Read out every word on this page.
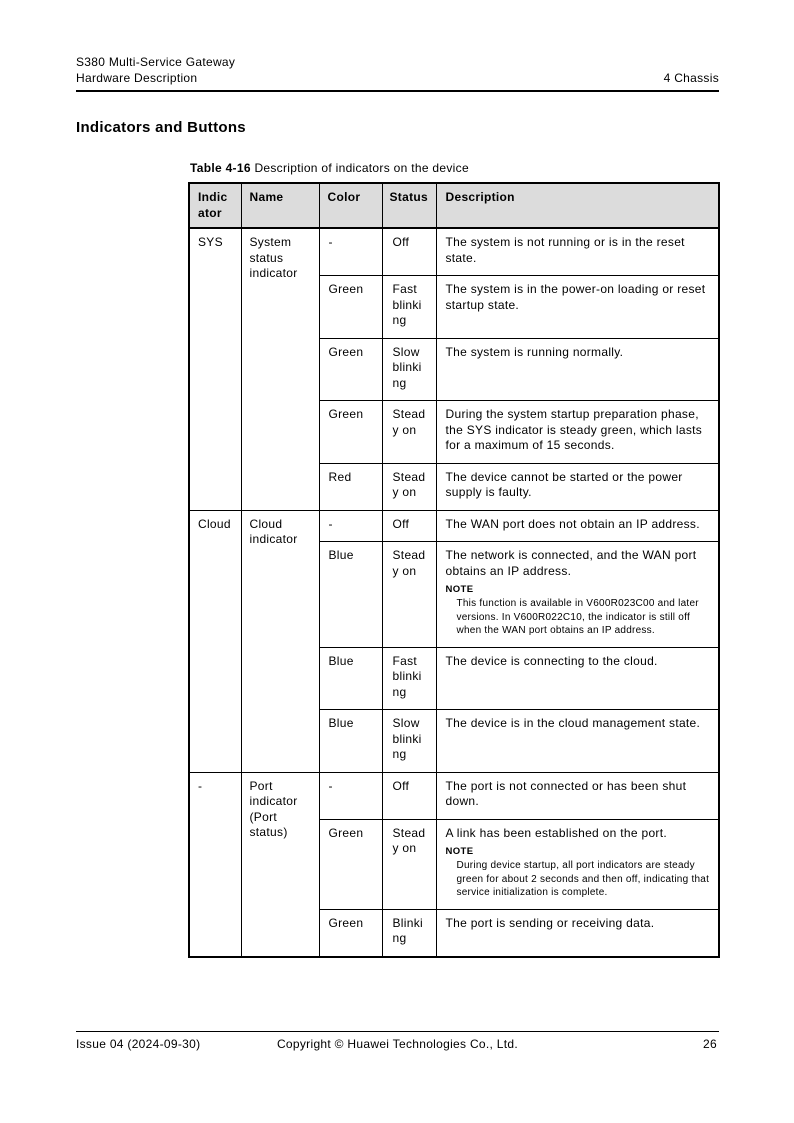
S380 Multi-Service Gateway
Hardware Description	4 Chassis
Indicators and Buttons
Table 4-16 Description of indicators on the device
Indicator	Name	Color	Status	Description
SYS	System status indicator	-	Off	The system is not running or is in the reset state.
		Green	Fast blinking	The system is in the power-on loading or reset startup state.
		Green	Slow blinking	The system is running normally.
		Green	Steady on	During the system startup preparation phase, the SYS indicator is steady green, which lasts for a maximum of 15 seconds.
		Red	Steady on	The device cannot be started or the power supply is faulty.
Cloud	Cloud indicator	-	Off	The WAN port does not obtain an IP address.
		Blue	Steady on	The network is connected, and the WAN port obtains an IP address.
NOTE
This function is available in V600R023C00 and later versions. In V600R022C10, the indicator is still off when the WAN port obtains an IP address.

		Blue	Fast blinking	The device is connecting to the cloud.
		Blue	Slow blinking	The device is in the cloud management state.
-	Port indicator (Port status)	-	Off	The port is not connected or has been shut down.
		Green	Steady on	A link has been established on the port.
NOTE
During device startup, all port indicators are steady green for about 2 seconds and then off, indicating that service initialization is complete.

		Green	Blinking	The port is sending or receiving data.
Issue 04 (2024-09-30)	Copyright © Huawei Technologies Co., Ltd.	26
